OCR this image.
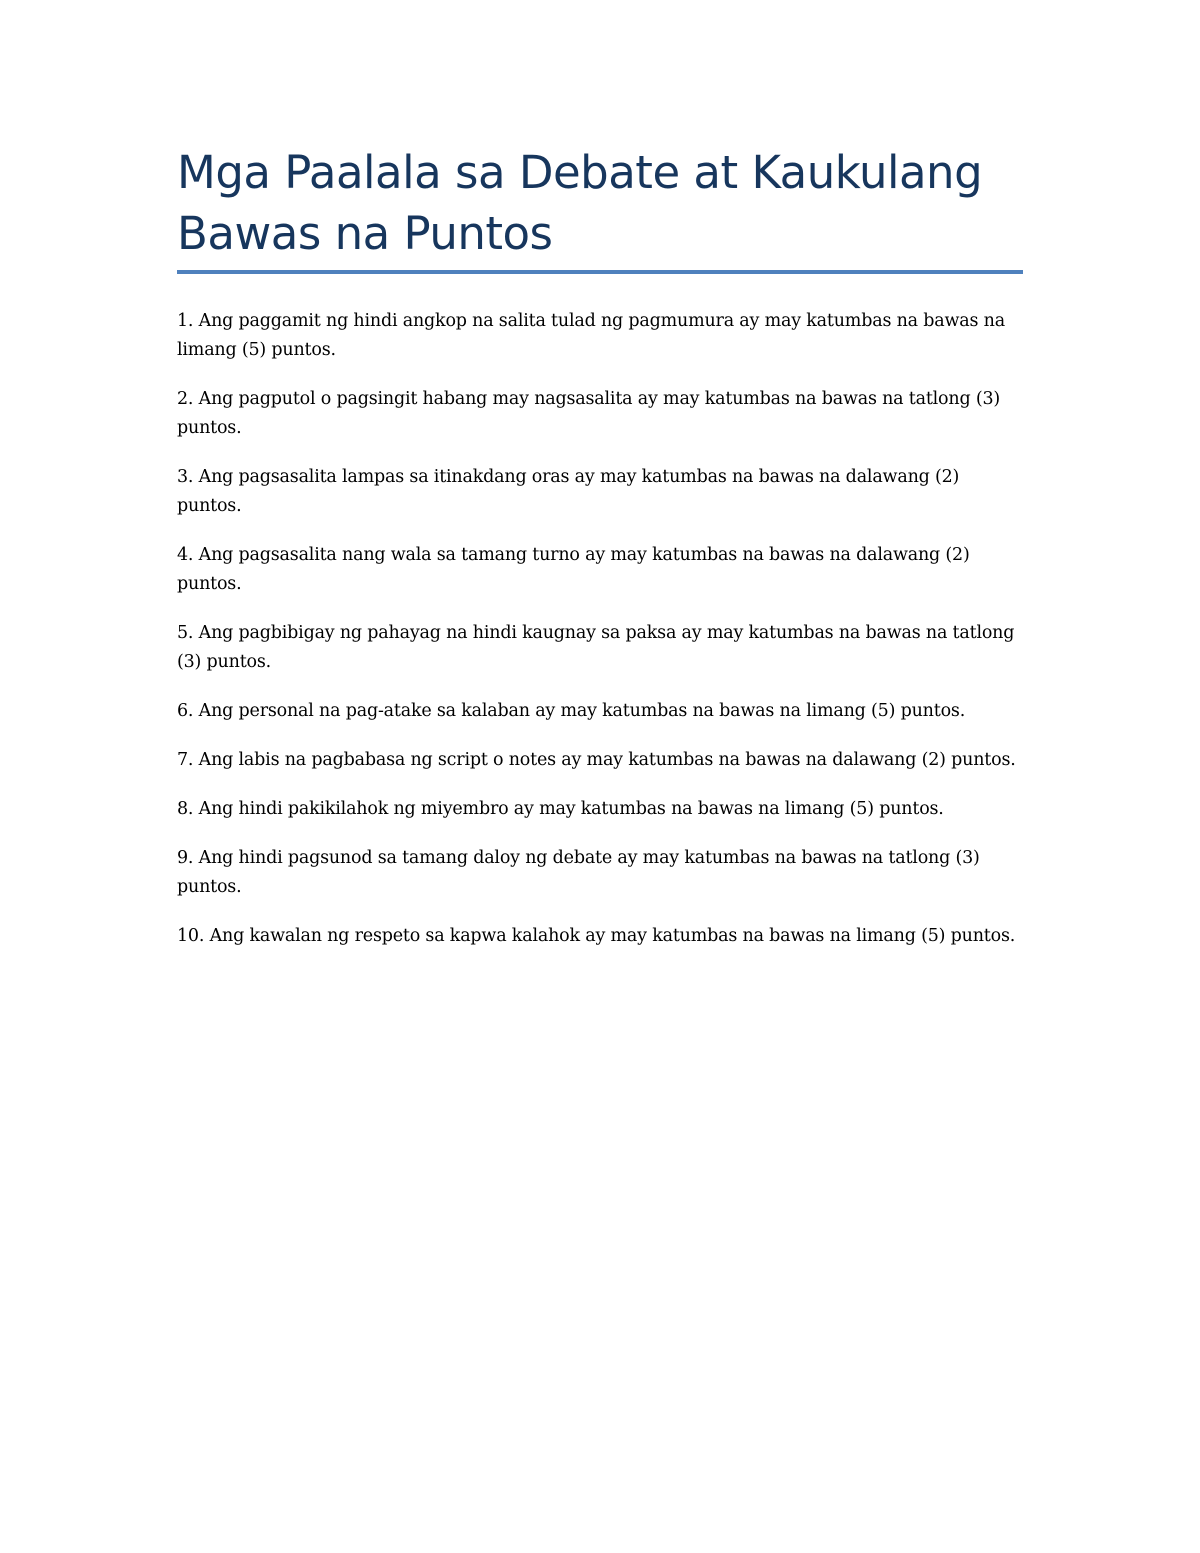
Mga Paalala sa Debate at Kaukulang Bawas na Puntos
1. Ang paggamit ng hindi angkop na salita tulad ng pagmumura ay may katumbas na bawas na limang (5) puntos.
2. Ang pagputol o pagsingit habang may nagsasalita ay may katumbas na bawas na tatlong (3) puntos.
3. Ang pagsasalita lampas sa itinakdang oras ay may katumbas na bawas na dalawang (2) puntos.
4. Ang pagsasalita nang wala sa tamang turno ay may katumbas na bawas na dalawang (2) puntos.
5. Ang pagbibigay ng pahayag na hindi kaugnay sa paksa ay may katumbas na bawas na tatlong (3) puntos.
6. Ang personal na pag-atake sa kalaban ay may katumbas na bawas na limang (5) puntos.
7. Ang labis na pagbabasa ng script o notes ay may katumbas na bawas na dalawang (2) puntos.
8. Ang hindi pakikilahok ng miyembro ay may katumbas na bawas na limang (5) puntos.
9. Ang hindi pagsunod sa tamang daloy ng debate ay may katumbas na bawas na tatlong (3) puntos.
10. Ang kawalan ng respeto sa kapwa kalahok ay may katumbas na bawas na limang (5) puntos.
